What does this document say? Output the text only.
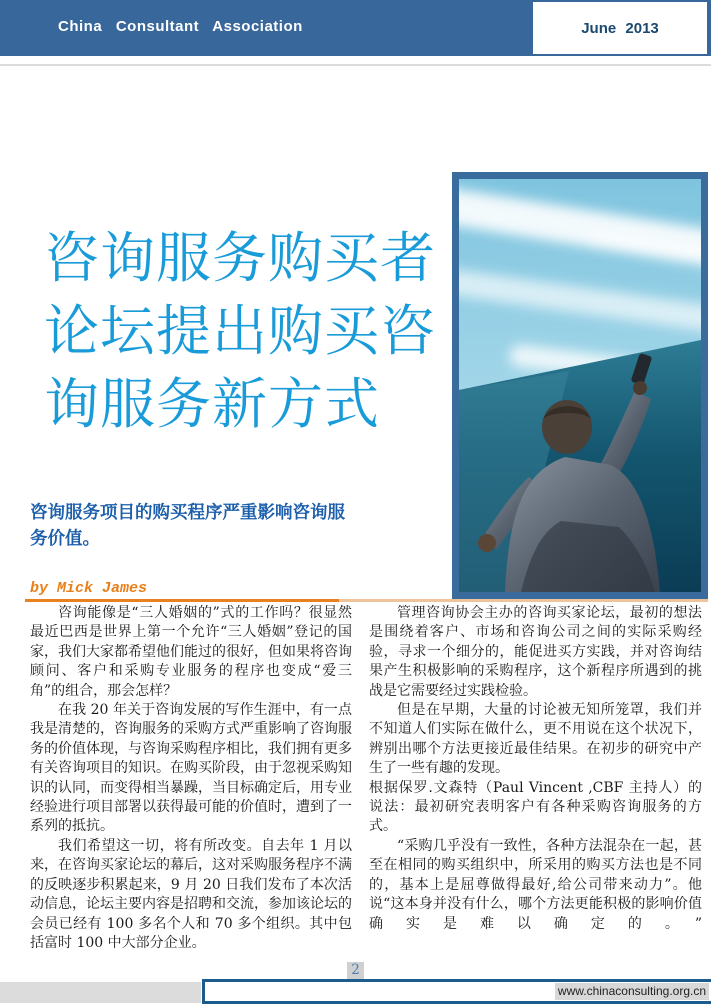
China Consultant Association	June 2013
咨询服务购买者
论坛提出购买咨
询服务新方式
咨询服务项目的购买程序严重影响咨询服
务价值。
by Mick James

咨询能像是“三人婚姻的”式的工作吗？很显然最近巴西是世界上第一个允许“三人婚姻”登记的国家，我们大家都希望他们能过的很好，但如果将咨询顾问、客户和采购专业服务的程序也变成“爱三角”的组合，那会怎样？

在我 20 年关于咨询发展的写作生涯中，有一点我是清楚的，咨询服务的采购方式严重影响了咨询服务的价值体现，与咨询采购程序相比，我们拥有更多有关咨询项目的知识。在购买阶段，由于忽视采购知识的认同，而变得相当暴躁，当目标确定后，用专业经验进行项目部署以获得最可能的价值时，遭到了一系列的抵抗。

我们希望这一切，将有所改变。自去年 1 月以来，在咨询买家论坛的幕后，这对采购服务程序不满的反映逐步积累起来，9 月 20 日我们发布了本次活动信息，论坛主要内容是招聘和交流，参加该论坛的会员已经有 100 多名个人和 70 多个组织。其中包括富时 100 中大部分企业。

管理咨询协会主办的咨询买家论坛，最初的想法是围绕着客户、市场和咨询公司之间的实际采购经验，寻求一个细分的，能促进买方实践，并对咨询结果产生积极影响的采购程序，这个新程序所遇到的挑战是它需要经过实践检验。

但是在早期，大量的讨论被无知所笼罩，我们并不知道人们实际在做什么，更不用说在这个状况下，辨别出哪个方法更接近最佳结果。在初步的研究中产生了一些有趣的发现。

根据保罗.文森特（Paul Vincent ,CBF 主持人）的说法：最初研究表明客户有各种采购咨询服务的方式。

“采购几乎没有一致性，各种方法混杂在一起，甚至在相同的购买组织中，所采用的购买方法也是不同的，基本上是屈尊做得最好,给公司带来动力”。他说“这本身并没有什么，哪个方法更能积极的影响价值确实是难以确定的。”

2
www.chinaconsulting.org.cn
